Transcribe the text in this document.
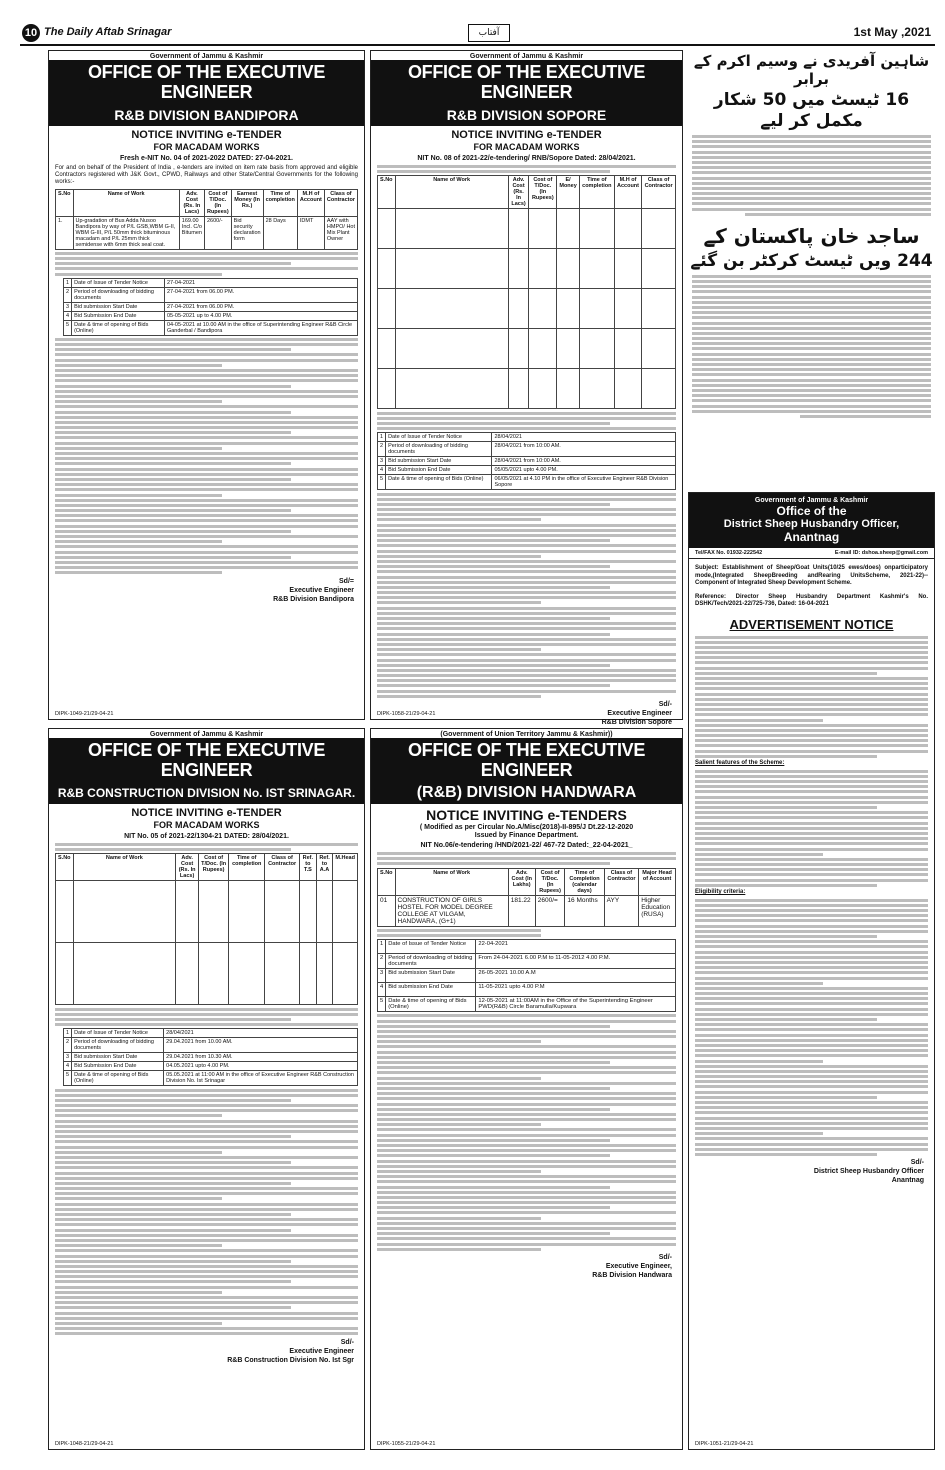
10 The Daily Aftab Srinagar	آفتاب	1st May ,2021
Government of Jammu & Kashmir
OFFICE OF THE EXECUTIVE ENGINEER
R&B DIVISION BANDIPORA
NOTICE INVITING e-TENDER
FOR MACADAM WORKS
Fresh e-NIT No. 04 of 2021-2022 DATED: 27-04-2021.
For and on behalf of the President of India , e-tenders are invited on item rate basis from approved and eligible Contractors registered with J&K Govt., CPWD, Railways and other State/Central Governments for the following works:-
S.No	Name of Work	Adv. Cost (Rs. In Lacs)	Cost of T/Doc. (In Rupees)	Earnest Money (In Rs.)	Time of completion	M.H of Account	Class of Contractor
1.	Up-gradation of Bus Adda Nusoo Bandipora by way of P/L GSB,WBM G-II, WBM G-III, P/L 50mm thick bituminous macadam and P/L 25mm thick semidense with 6mm thick seal coat.	169.00 Incl. C/o Bitumen	2600/-	Bid security declaration form	28 Days	IDMT	AAY with HMPO/ Hot Mix Plant Owner
1	Date of Issue of Tender Notice	27-04-2021
2	Period of downloading of bidding documents	27-04-2021 from 06.00 PM.
3	Bid submission Start Date	27-04-2021 from 06.00 PM.
4	Bid Submission End Date	05-05-2021 up to 4.00 PM.
5	Date & time of opening of Bids (Online)	04-05-2021 at 10.00 AM in the office of Superintending Engineer R&B Circle Ganderbal / Bandipora
Sd/=
Executive Engineer
R&B Division Bandipora
DIPK-1049-21/29-04-21
Government of Jammu & Kashmir
OFFICE OF THE EXECUTIVE ENGINEER
R&B DIVISION SOPORE
NOTICE INVITING e-TENDER
FOR MACADAM WORKS
NIT No. 08 of 2021-22/e-tendering/ RNB/Sopore Dated: 28/04/2021.
S.No	Name of Work	Adv. Cost (Rs. In Lacs)	Cost of T/Doc. (In Rupees)	E/ Money	Time of completion	M.H of Account	Class of Contractor

1	Date of Issue of Tender Notice	28/04/2021
2	Period of downloading of bidding documents	28/04/2021 from 10:00 AM.
3	Bid submission Start Date	28/04/2021 from 10:00 AM.
4	Bid Submission End Date	05/05/2021 upto 4.00 PM.
5	Date & time of opening of Bids (Online)	06/05/2021 at 4.10 PM in the office of Executive Engineer R&B Division Sopore
Sd/-
Executive Engineer
R&B Division Sopore
DIPK-1058-21/29-04-21
شاہین آفریدی نے وسیم اکرم کے برابر
16 ٹیسٹ میں 50 شکار مکمل کر لیے
ساجد خان پاکستان کے
244 ویں ٹیسٹ کرکٹر بن گئے
Government of Jammu & Kashmir
Office of the
District Sheep Husbandry Officer,
Anantnag
Tel/FAX No. 01932-222542	E-mail ID: dshoa.sheep@gmail.com
Subject: Establishment of Sheep/Goat Units(10/25 ewes/does) onparticipatory mode,(Integrated SheepBreeding andRearing UnitsScheme, 2021-22)-- Component of Integrated Sheep Development Scheme.
Reference: Director Sheep Husbandry Department Kashmir's No. DSHK/Tech/2021-22/725-736, Dated: 16-04-2021
ADVERTISEMENT NOTICE
Salient features of the Scheme:
Eligibility criteria:
Sd/-
District Sheep Husbandry Officer
Anantnag
DIPK-1051-21/29-04-21
Government of Jammu & Kashmir
OFFICE OF THE EXECUTIVE ENGINEER
R&B CONSTRUCTION DIVISION No. IST SRINAGAR.
NOTICE INVITING e-TENDER
FOR MACADAM WORKS
NIT No. 05 of 2021-22/1304-21 DATED: 28/04/2021.
S.No	Name of Work	Adv. Cost (Rs. In Lacs)	Cost of T/Doc. (In Rupees)	Time of completion	Class of Contractor	Ref. to T.S	Ref. to A.A	M.Head

1	Date of Issue of Tender Notice	28/04/2021
2	Period of downloading of bidding documents	29.04.2021 from 10.00 AM.
3	Bid submission Start Date	29.04.2021 from 10.30 AM.
4	Bid Submission End Date	04.05.2021 upto 4.00 PM.
5	Date & time of opening of Bids (Online)	05.05.2021 at 11:00 AM in the office of Executive Engineer R&B Construction Division No. Ist Srinagar
Sd/-
Executive Engineer
R&B Construction Division No. Ist Sgr
DIPK-1048-21/29-04-21
(Government of Union Territory Jammu & Kashmir))
OFFICE OF THE EXECUTIVE ENGINEER
(R&B) DIVISION HANDWARA
NOTICE INVITING e-TENDERS
( Modified as per Circular No.A/Misc(2018)-II-895/J Dt.22-12-2020
Issued by Finance Department.
NIT No.06/e-tendering /HND/2021-22/ 467-72 Dated:_22-04-2021_
S.No	Name of Work	Adv. Cost (In Lakhs)	Cost of T/Doc. (In Rupees)	Time of Completion (calendar days)	Class of Contractor	Major Head of Account
01	CONSTRUCTION OF GIRLS HOSTEL FOR MODEL DEGREE COLLEGE AT VILGAM, HANDWARA, (G+1)	181.22	2600/=	16 Months	AYY	Higher Education (RUSA)
1	Date of Issue of Tender Notice	22-04-2021
2	Period of downloading of bidding documents	From 24-04-2021 6.00 P.M to 11-05-2012 4.00 P.M.
3	Bid submission Start Date	26-05-2021 10.00 A.M
4	Bid submission End Date	11-05-2021 upto 4.00 P.M
5	Date & time of opening of Bids (Online)	12-05-2021 at 11:00AM in the Office of the Superintending Engineer PWD(R&B) Circle Baramulla/Kupwara
Sd/-
Executive Engineer,
R&B Division Handwara
DIPK-1055-21/29-04-21
